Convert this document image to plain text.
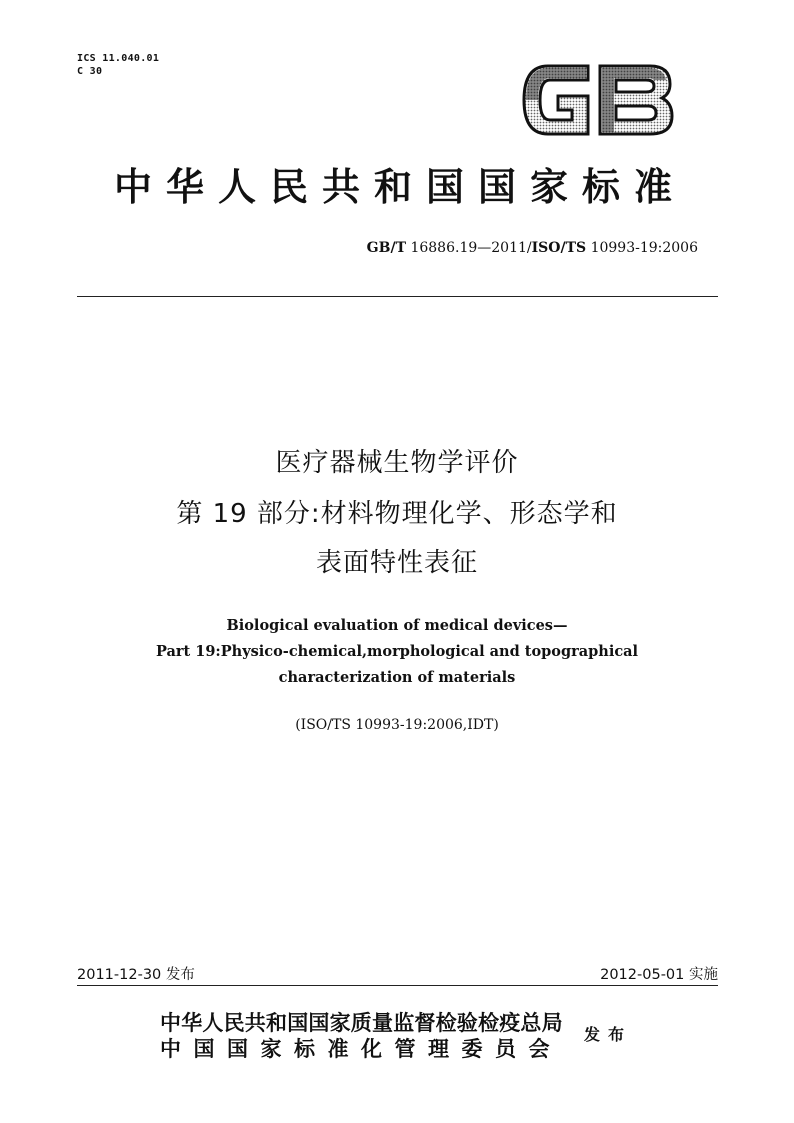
ICS 11.040.01
C 30
中华人民共和国国家标准
GB/T 16886.19—2011/ISO/TS 10993-19:2006
医疗器械生物学评价
第 19 部分:材料物理化学、形态学和
表面特性表征
Biological evaluation of medical devices—
Part 19:Physico-chemical,morphological and topographical
characterization of materials
(ISO/TS 10993-19:2006,IDT)
2011-12-30 发布	2012-05-01 实施
中华人民共和国国家质量监督检验检疫总局
中国国家标准化管理委员会
发布
